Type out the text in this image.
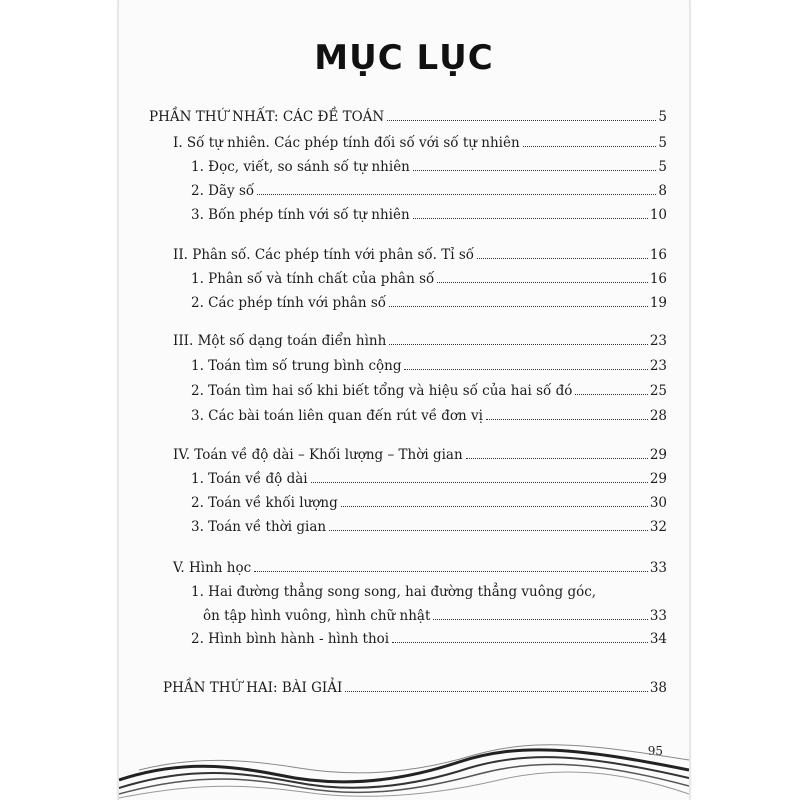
MỤC LỤC
PHẦN THỨ NHẤT: CÁC ĐỀ TOÁN	5
I. Số tự nhiên. Các phép tính đối số với số tự nhiên	5
1. Đọc, viết, so sánh số tự nhiên	5
2. Dãy số	8
3. Bốn phép tính với số tự nhiên	10
II. Phân số. Các phép tính với phân số. Tỉ số	16
1. Phân số và tính chất của phân số	16
2. Các phép tính với phân số	19
III. Một số dạng toán điển hình	23
1. Toán tìm số trung bình cộng	23
2. Toán tìm hai số khi biết tổng và hiệu số của hai số đó	25
3. Các bài toán liên quan đến rút về đơn vị	28
IV. Toán về độ dài – Khối lượng – Thời gian	29
1. Toán về độ dài	29
2. Toán về khối lượng	30
3. Toán về thời gian	32
V. Hình học	33
1. Hai đường thẳng song song, hai đường thẳng vuông góc,
ôn tập hình vuông, hình chữ nhật	33
2. Hình bình hành - hình thoi	34
PHẦN THỨ HAI: BÀI GIẢI	38
95
